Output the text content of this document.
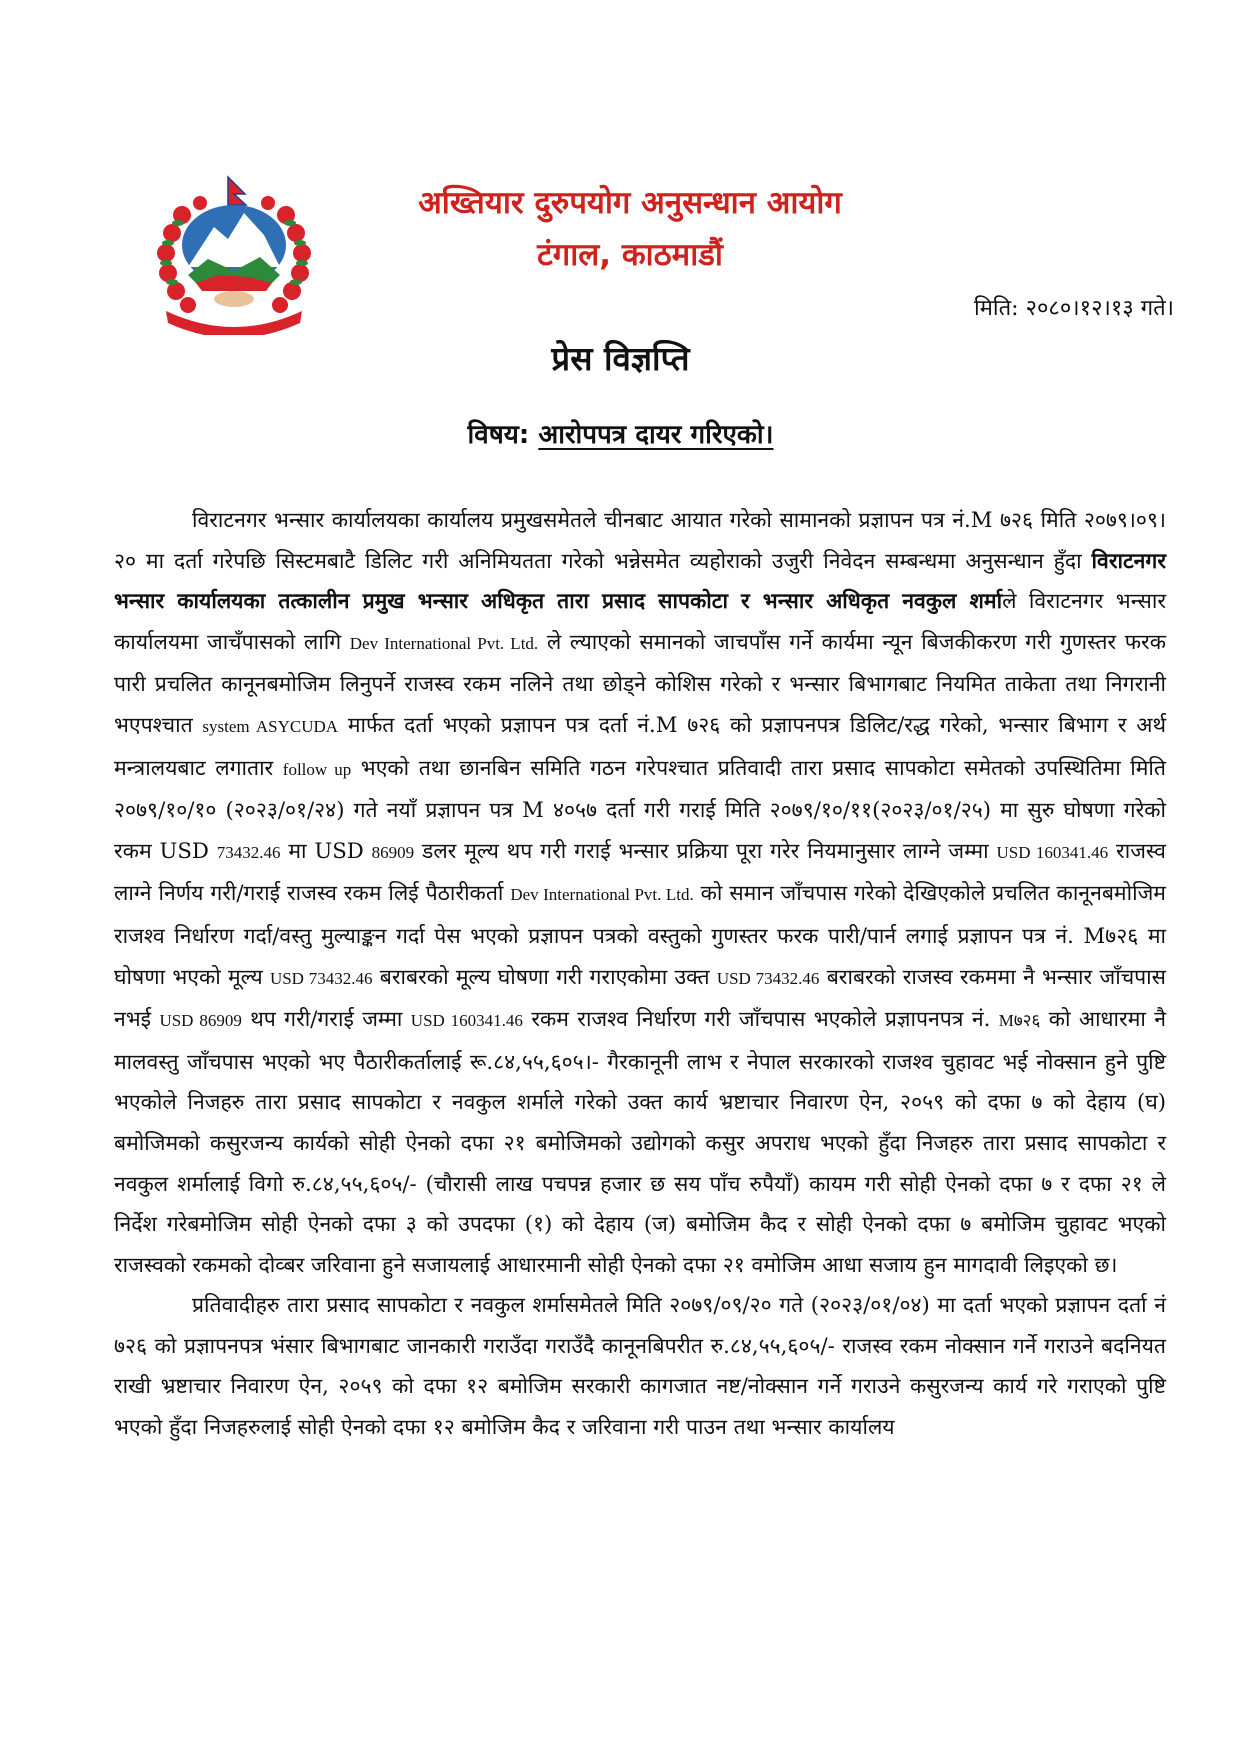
अख्तियार दुरुपयोग अनुसन्धान आयोग
टंगाल, काठमाडौं
मिति: २०८०।१२।१३ गते।
प्रेस विज्ञप्ति
विषय: आरोपपत्र दायर गरिएको।

विराटनगर भन्सार कार्यालयका कार्यालय प्रमुखसमेतले चीनबाट आयात गरेको सामानको प्रज्ञापन पत्र नं.M ७२६ मिति २०७९।०९।२० मा दर्ता गरेपछि सिस्टमबाटै डिलिट गरी अनिमियतता गरेको भन्नेसमेत व्यहोराको उजुरी निवेदन सम्बन्धमा अनुसन्धान हुँदा विराटनगर भन्सार कार्यालयका तत्कालीन प्रमुख भन्सार अधिकृत तारा प्रसाद सापकोटा र भन्सार अधिकृत नवकुल शर्माले विराटनगर भन्सार कार्यालयमा जाचँपासको लागि Dev International Pvt. Ltd. ले ल्याएको समानको जाचपाँस गर्ने कार्यमा न्यून बिजकीकरण गरी गुणस्तर फरक पारी प्रचलित कानूनबमोजिम लिनुपर्ने राजस्व रकम नलिने तथा छोड्ने कोशिस गरेको र भन्सार बिभागबाट नियमित ताकेता तथा निगरानी भएपश्चात system ASYCUDA मार्फत दर्ता भएको प्रज्ञापन पत्र दर्ता नं.M ७२६ को प्रज्ञापनपत्र डिलिट/रद्ध गरेको, भन्सार बिभाग र अर्थ मन्त्रालयबाट लगातार follow up भएको तथा छानबिन समिति गठन गरेपश्चात प्रतिवादी तारा प्रसाद सापकोटा समेतको उपस्थितिमा मिति २०७९/१०/१० (२०२३/०१/२४) गते नयाँ प्रज्ञापन पत्र M ४०५७ दर्ता गरी गराई मिति २०७९/१०/११(२०२३/०१/२५) मा सुरु घोषणा गरेको रकम USD 73432.46 मा USD 86909 डलर मूल्य थप गरी गराई भन्सार प्रक्रिया पूरा गरेर नियमानुसार लाग्ने जम्मा USD 160341.46 राजस्व लाग्ने निर्णय गरी/गराई राजस्व रकम लिई पैठारीकर्ता Dev International Pvt. Ltd. को समान जाँचपास गरेको देखिएकोले प्रचलित कानूनबमोजिम राजश्व निर्धारण गर्दा/वस्तु मुल्याङ्कन गर्दा पेस भएको प्रज्ञापन पत्रको वस्तुको गुणस्तर फरक पारी/पार्न लगाई प्रज्ञापन पत्र नं. M७२६ मा घोषणा भएको मूल्य USD 73432.46 बराबरको मूल्य घोषणा गरी गराएकोमा उक्त USD 73432.46 बराबरको राजस्व रकममा नै भन्सार जाँचपास नभई USD 86909 थप गरी/गराई जम्मा USD 160341.46 रकम राजश्व निर्धारण गरी जाँचपास भएकोले प्रज्ञापनपत्र नं. M७२६ को आधारमा नै मालवस्तु जाँचपास भएको भए पैठारीकर्तालाई रू.८४,५५,६०५।- गैरकानूनी लाभ र नेपाल सरकारको राजश्व चुहावट भई नोक्सान हुने पुष्टि भएकोले निजहरु तारा प्रसाद सापकोटा र नवकुल शर्माले गरेको उक्त कार्य भ्रष्टाचार निवारण ऐन, २०५९ को दफा ७ को देहाय (घ) बमोजिमको कसुरजन्य कार्यको सोही ऐनको दफा २१ बमोजिमको उद्योगको कसुर अपराध भएको हुँदा निजहरु तारा प्रसाद सापकोटा र नवकुल शर्मालाई विगो रु.८४,५५,६०५/- (चौरासी लाख पचपन्न हजार छ सय पाँच रुपैयाँ) कायम गरी सोही ऐनको दफा ७ र दफा २१ ले निर्देश गरेबमोजिम सोही ऐनको दफा ३ को उपदफा (१) को देहाय (ज) बमोजिम कैद र सोही ऐनको दफा ७ बमोजिम चुहावट भएको राजस्वको रकमको दोव्बर जरिवाना हुने सजायलाई आधारमानी सोही ऐनको दफा २१ वमोजिम आधा सजाय हुन मागदावी लिइएको छ।

प्रतिवादीहरु तारा प्रसाद सापकोटा र नवकुल शर्मासमेतले मिति २०७९/०९/२० गते (२०२३/०१/०४) मा दर्ता भएको प्रज्ञापन दर्ता नं ७२६ को प्रज्ञापनपत्र भंसार बिभागबाट जानकारी गराउँदा गराउँदै कानूनबिपरीत रु.८४,५५,६०५/- राजस्व रकम नोक्सान गर्ने गराउने बदनियत राखी भ्रष्टाचार निवारण ऐन, २०५९ को दफा १२ बमोजिम सरकारी कागजात नष्ट/नोक्सान गर्ने गराउने कसुरजन्य कार्य गरे गराएको पुष्टि भएको हुँदा निजहरुलाई सोही ऐनको दफा १२ बमोजिम कैद र जरिवाना गरी पाउन तथा भन्सार कार्यालय
